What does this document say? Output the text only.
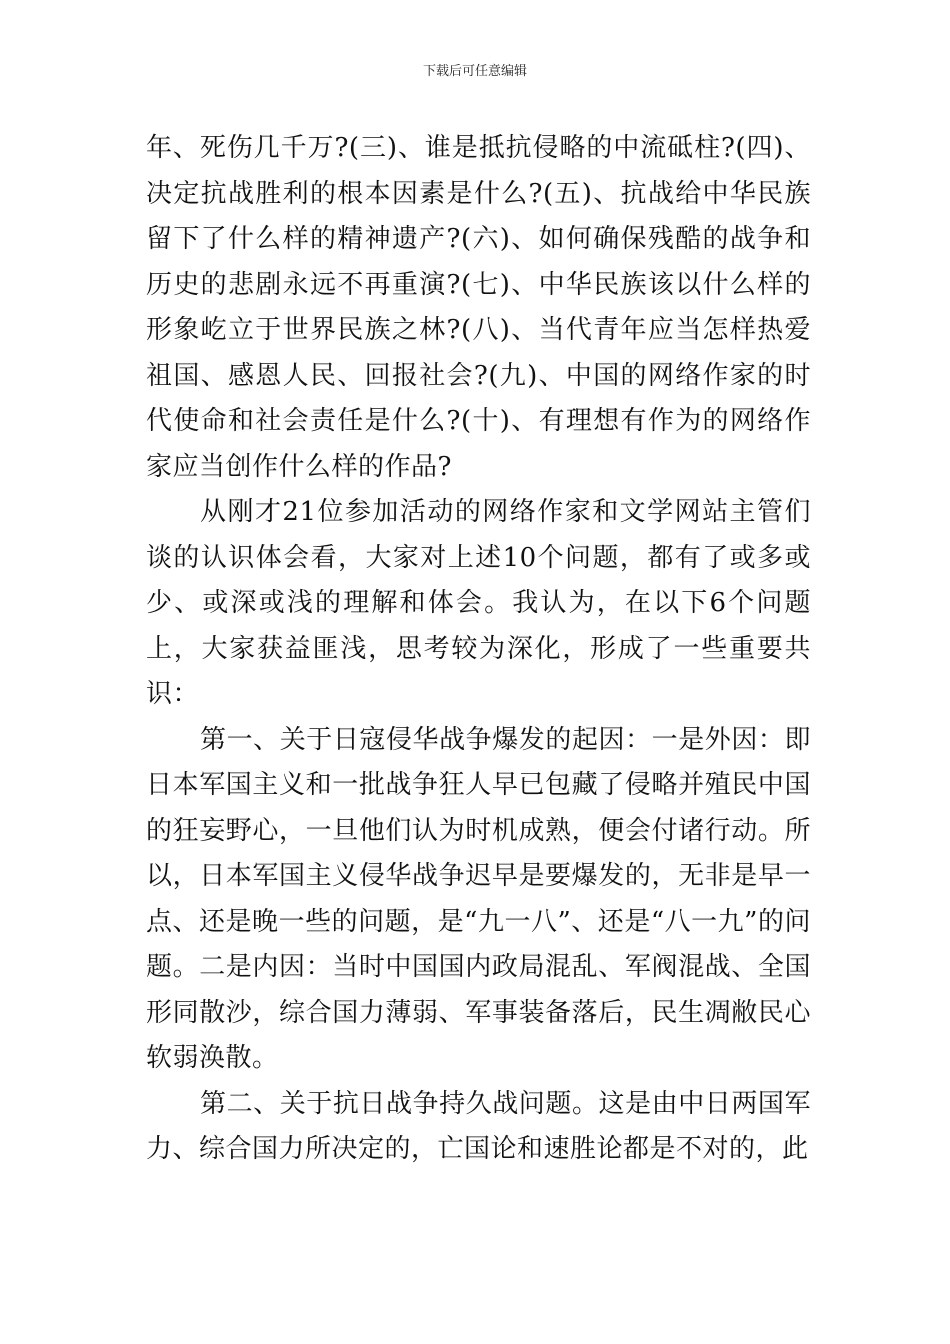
下载后可任意编辑

年、死伤几千万?(三)、谁是抵抗侵略的中流砥柱?(四)、决定抗战胜利的根本因素是什么?(五)、抗战给中华民族留下了什么样的精神遗产?(六)、如何确保残酷的战争和历史的悲剧永远不再重演?(七)、中华民族该以什么样的形象屹立于世界民族之林?(八)、当代青年应当怎样热爱祖国、感恩人民、回报社会?(九)、中国的网络作家的时代使命和社会责任是什么?(十)、有理想有作为的网络作家应当创作什么样的作品?

从刚才21位参加活动的网络作家和文学网站主管们谈的认识体会看，大家对上述10个问题，都有了或多或少、或深或浅的理解和体会。我认为，在以下6个问题上，大家获益匪浅，思考较为深化，形成了一些重要共识：

第一、关于日寇侵华战争爆发的起因：一是外因：即日本军国主义和一批战争狂人早已包藏了侵略并殖民中国的狂妄野心，一旦他们认为时机成熟，便会付诸行动。所以，日本军国主义侵华战争迟早是要爆发的，无非是早一点、还是晚一些的问题，是“九一八”、还是“八一九”的问题。二是内因：当时中国国内政局混乱、军阀混战、全国形同散沙，综合国力薄弱、军事装备落后，民生凋敝民心软弱涣散。

第二、关于抗日战争持久战问题。这是由中日两国军力、综合国力所决定的，亡国论和速胜论都是不对的，此
